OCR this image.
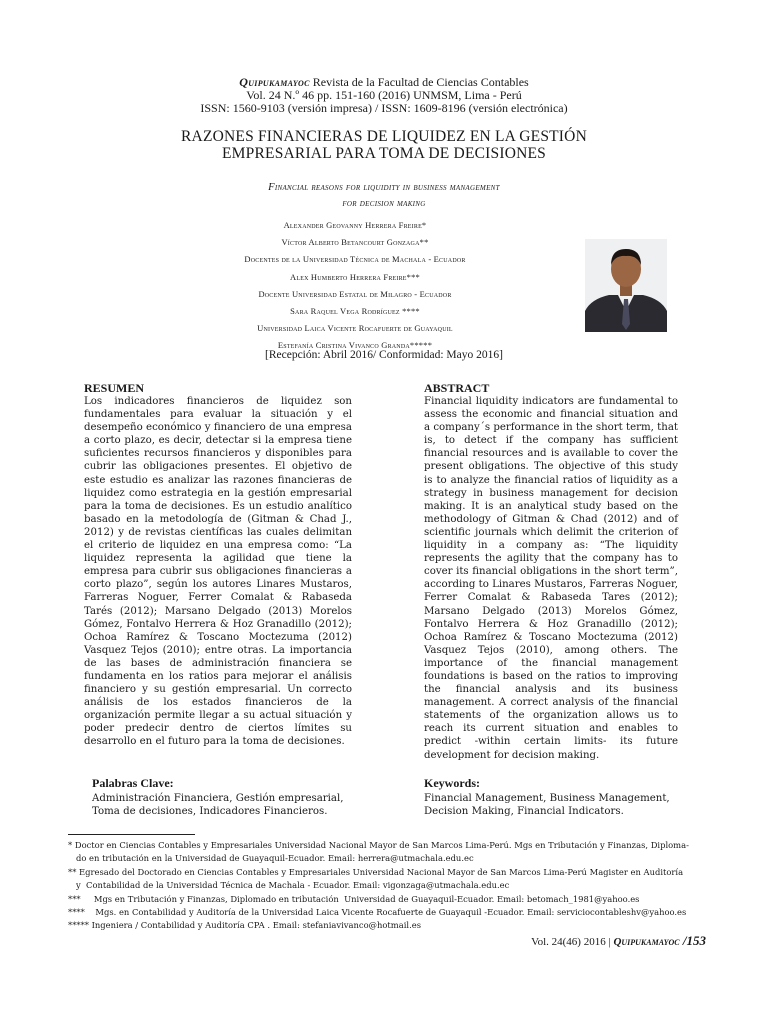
Quipukamayoc Revista de la Facultad de Ciencias Contables
Vol. 24 N.º 46 pp. 151-160 (2016) UNMSM, Lima - Perú
ISSN: 1560-9103 (versión impresa) / ISSN: 1609-8196 (versión electrónica)
RAZONES FINANCIERAS DE LIQUIDEZ EN LA GESTIÓN
EMPRESARIAL PARA TOMA DE DECISIONES
Financial reasons for liquidity in business management
for decision making
Alexander Geovanny Herrera Freire*
Víctor Alberto Betancourt Gonzaga**
Docentes de la Universidad Técnica de Machala - Ecuador
Alex Humberto Herrera Freire***
Docente Universidad Estatal de Milagro - Ecuador
Sara Raquel Vega Rodríguez ****
Universidad Laica Vicente Rocafuerte de Guayaquil
Estefanía Cristina Vivanco Granda*****
[Recepción: Abril 2016/ Conformidad: Mayo 2016]
RESUMEN
Los indicadores financieros de liquidez son fundamentales para evaluar la situación y el desempeño económico y financiero de una empresa a corto plazo, es decir, detectar si la empresa tiene suficientes recursos financieros y disponibles para cubrir las obligaciones presentes. El objetivo de este estudio es analizar las razones financieras de liquidez como estrategia en la gestión empresarial para la toma de decisiones. Es un estudio analítico basado en la metodología de (Gitman & Chad J., 2012) y de revistas científicas las cuales delimitan el criterio de liquidez en una empresa como: “La liquidez representa la agilidad que tiene la empresa para cubrir sus obligaciones financieras a corto plazo”, según los autores Linares Mustaros, Farreras Noguer, Ferrer Comalat & Rabaseda Tarés (2012); Marsano Delgado (2013) Morelos Gómez, Fontalvo Herrera & Hoz Granadillo (2012); Ochoa Ramírez & Toscano Moctezuma (2012) Vasquez Tejos (2010); entre otras. La importancia de las bases de administración financiera se fundamenta en los ratios para mejorar el análisis financiero y su gestión empresarial. Un correcto análisis de los estados financieros de la organización permite llegar a su actual situación y poder predecir dentro de ciertos límites su desarrollo en el futuro para la toma de decisiones.
ABSTRACT
Financial liquidity indicators are fundamental to assess the economic and financial situation and a company´s performance in the short term, that is, to detect if the company has sufficient financial resources and is available to cover the present obligations. The objective of this study is to analyze the financial ratios of liquidity as a strategy in business management for decision making. It is an analytical study based on the methodology of Gitman & Chad (2012) and of scientific journals which delimit the criterion of liquidity in a company as: “The liquidity represents the agility that the company has to cover its financial obligations in the short term”, according to Linares Mustaros, Farreras Noguer, Ferrer Comalat & Rabaseda Tares (2012); Marsano Delgado (2013) Morelos Gómez, Fontalvo Herrera & Hoz Granadillo (2012); Ochoa Ramírez & Toscano Moctezuma (2012) Vasquez Tejos (2010), among others. The importance of the financial management foundations is based on the ratios to improving the financial analysis and its business management. A correct analysis of the financial statements of the organization allows us to reach its current situation and enables to predict -within certain limits- its future development for decision making.
Palabras Clave:
Administración Financiera, Gestión empresarial, Toma de decisiones, Indicadores Financieros.
Keywords:
Financial Management, Business Management, Decision Making, Financial Indicators.
* Doctor en Ciencias Contables y Empresariales Universidad Nacional Mayor de San Marcos Lima-Perú. Mgs en Tributación y Finanzas, Diploma-
do en tributación en la Universidad de Guayaquil-Ecuador. Email: herrera@utmachala.edu.ec
** Egresado del Doctorado en Ciencias Contables y Empresariales Universidad Nacional Mayor de San Marcos Lima-Perú Magister en Auditoría
y  Contabilidad de la Universidad Técnica de Machala - Ecuador. Email: vigonzaga@utmachala.edu.ec
***     Mgs en Tributación y Finanzas, Diplomado en tributación  Universidad de Guayaquil-Ecuador. Email: betomach_1981@yahoo.es
****    Mgs. en Contabilidad y Auditoría de la Universidad Laica Vicente Rocafuerte de Guayaquil -Ecuador. Email: serviciocontableshv@yahoo.es
***** Ingeniera / Contabilidad y Auditoría CPA . Email: stefaniavivanco@hotmail.es
Vol. 24(46) 2016 | Quipukamayoc /153
